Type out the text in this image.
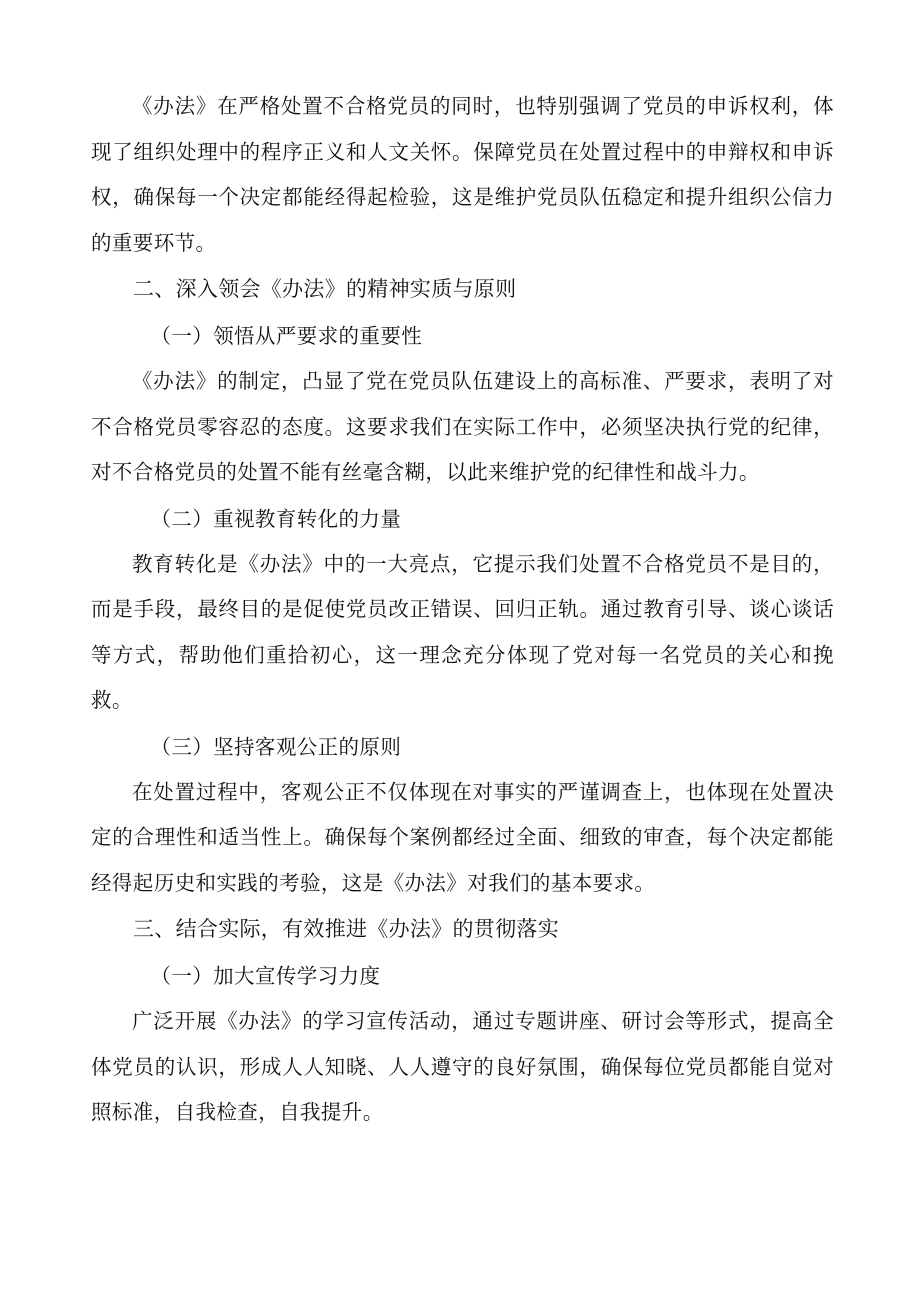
《办法》在严格处置不合格党员的同时，也特别强调了党员的申诉权利，体现了组织处理中的程序正义和人文关怀。保障党员在处置过程中的申辩权和申诉权，确保每一个决定都能经得起检验，这是维护党员队伍稳定和提升组织公信力的重要环节。

二、深入领会《办法》的精神实质与原则

（一）领悟从严要求的重要性

《办法》的制定，凸显了党在党员队伍建设上的高标准、严要求，表明了对不合格党员零容忍的态度。这要求我们在实际工作中，必须坚决执行党的纪律，对不合格党员的处置不能有丝毫含糊，以此来维护党的纪律性和战斗力。

（二）重视教育转化的力量

教育转化是《办法》中的一大亮点，它提示我们处置不合格党员不是目的，而是手段，最终目的是促使党员改正错误、回归正轨。通过教育引导、谈心谈话等方式，帮助他们重拾初心，这一理念充分体现了党对每一名党员的关心和挽救。

（三）坚持客观公正的原则

在处置过程中，客观公正不仅体现在对事实的严谨调查上，也体现在处置决定的合理性和适当性上。确保每个案例都经过全面、细致的审查，每个决定都能经得起历史和实践的考验，这是《办法》对我们的基本要求。

三、结合实际，有效推进《办法》的贯彻落实

（一）加大宣传学习力度

广泛开展《办法》的学习宣传活动，通过专题讲座、研讨会等形式，提高全体党员的认识，形成人人知晓、人人遵守的良好氛围，确保每位党员都能自觉对照标准，自我检查，自我提升。
